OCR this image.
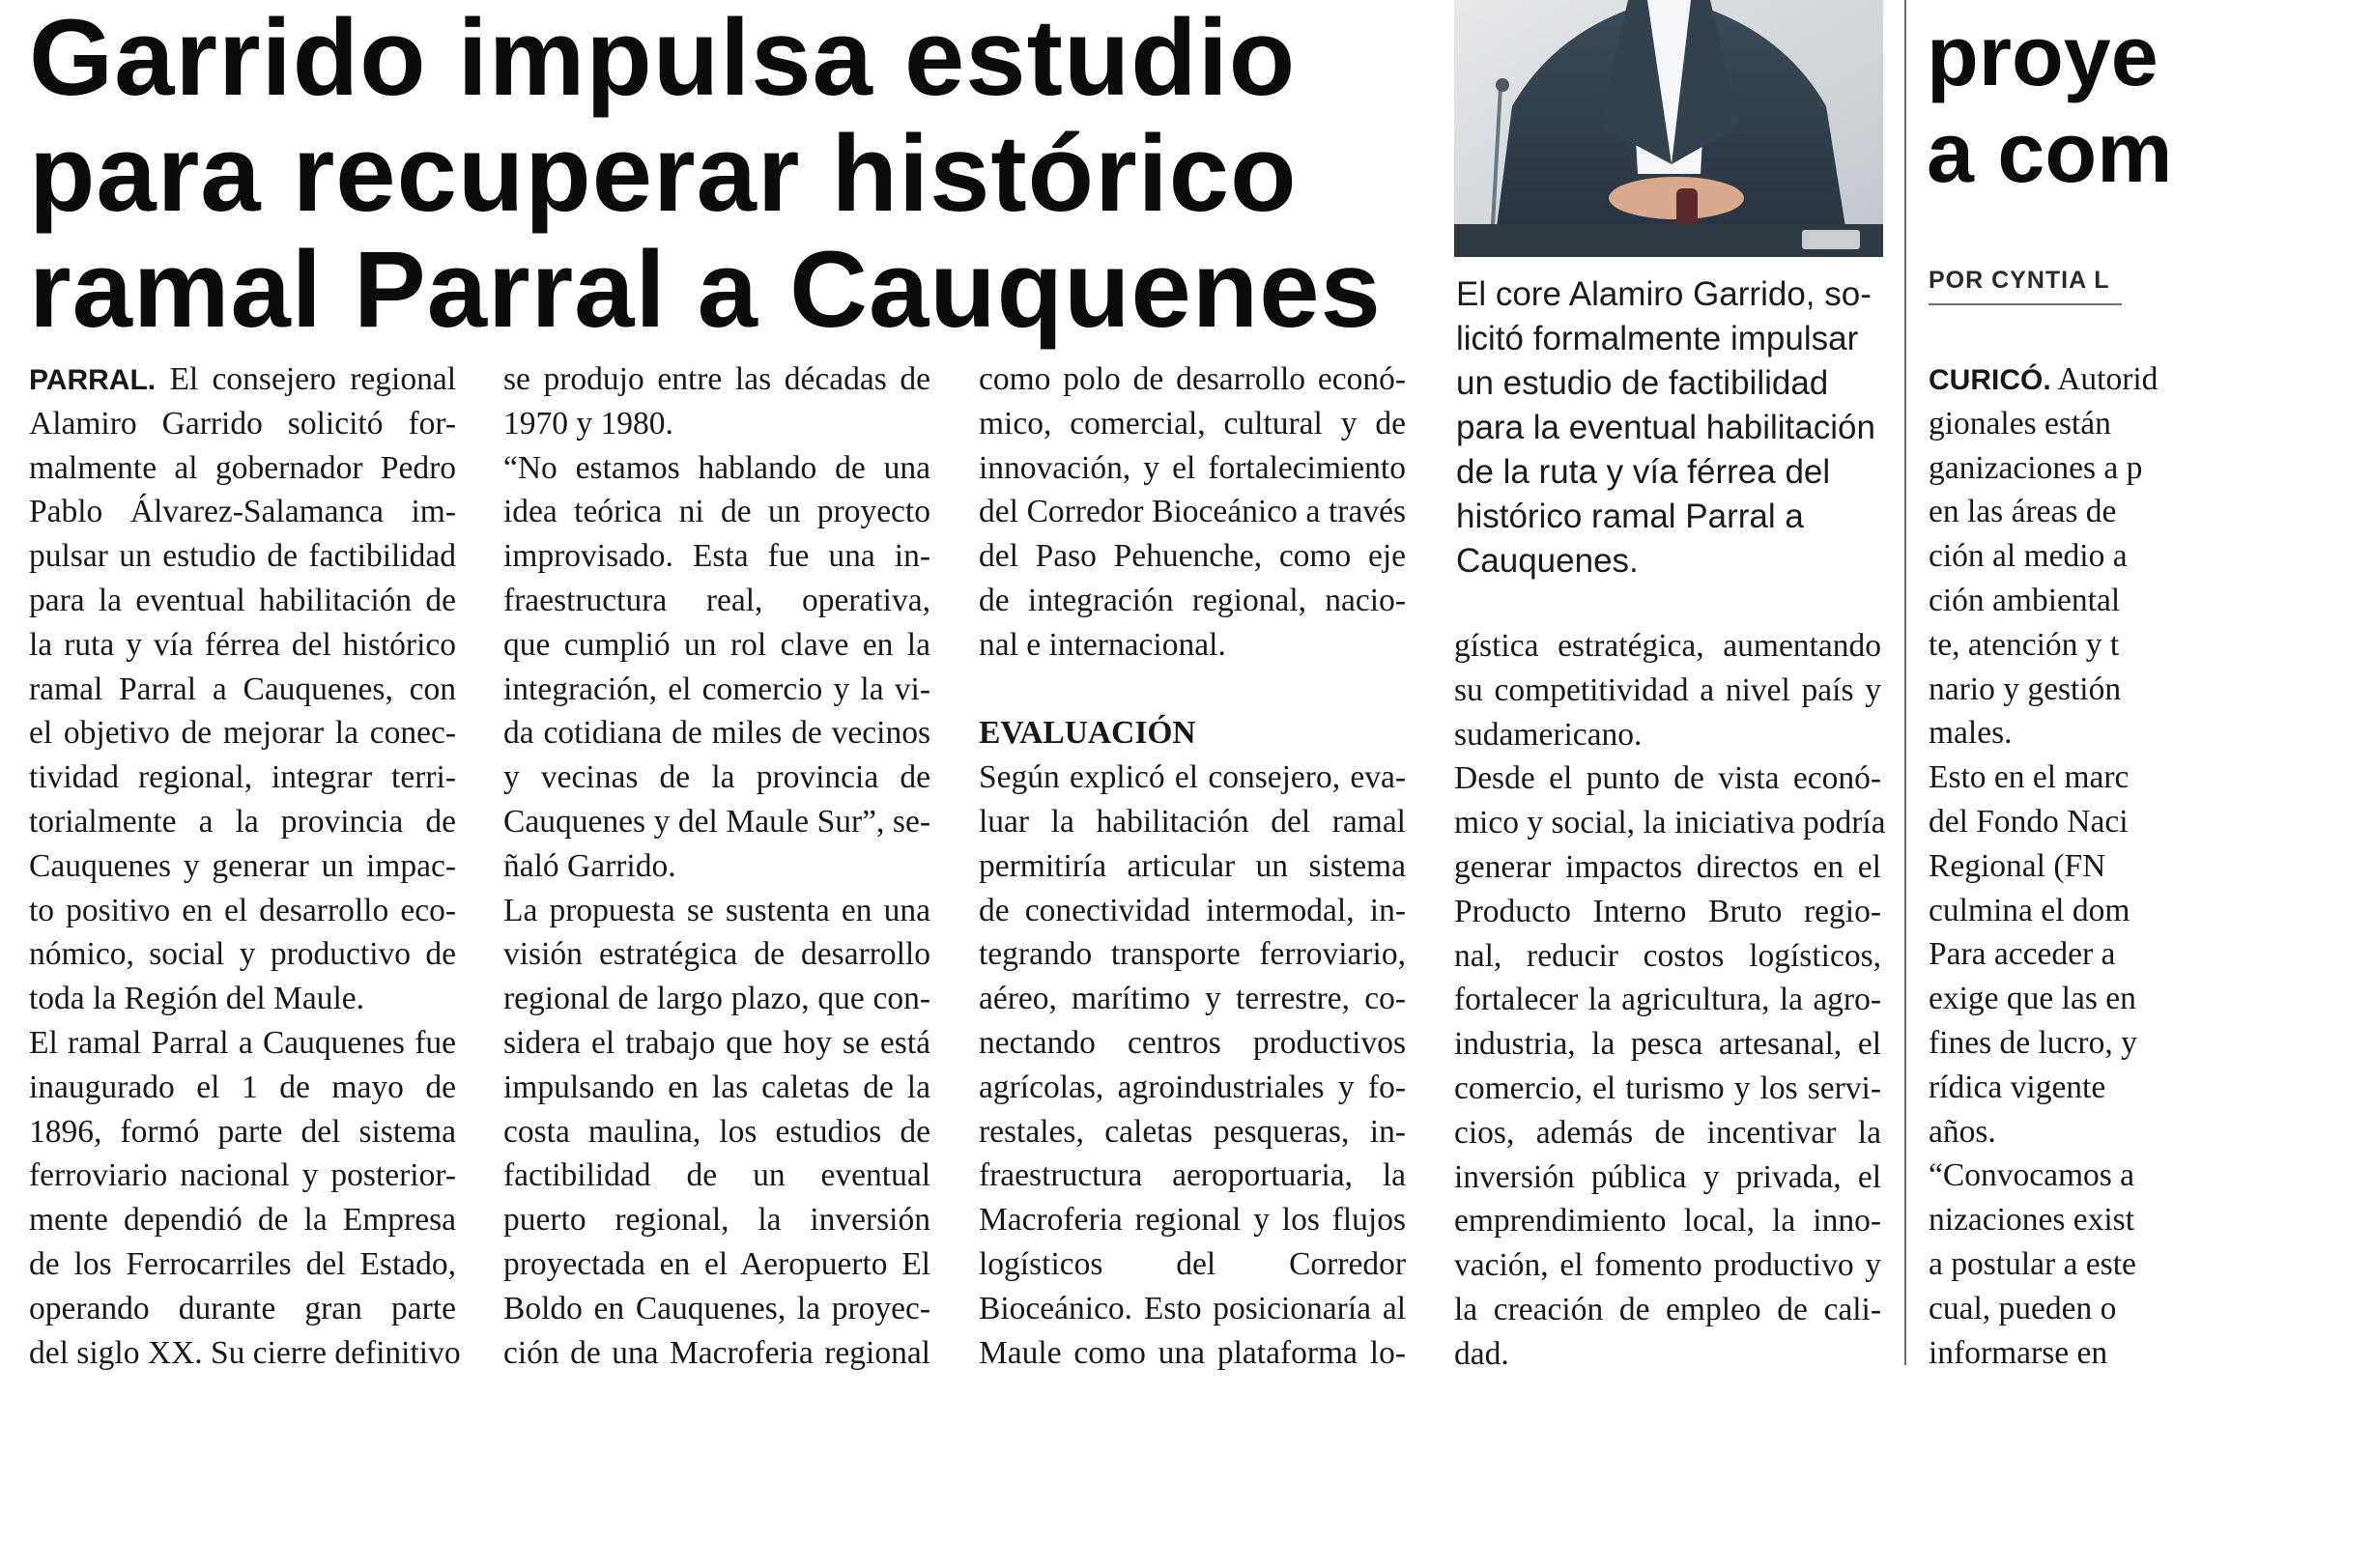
Garrido impulsa estudio
para recuperar histórico
ramal Parral a Cauquenes	El core Alamiro Garrido, so-
licitó formalmente impulsar
un estudio de factibilidad
para la eventual habilitación
de la ruta y vía férrea del
histórico ramal Parral a
Cauquenes.
PARRAL. El consejero regional
Alamiro Garrido solicitó for-
malmente al gobernador Pedro
Pablo Álvarez-Salamanca im-
pulsar un estudio de factibilidad
para la eventual habilitación de
la ruta y vía férrea del histórico
ramal Parral a Cauquenes, con
el objetivo de mejorar la conec-
tividad regional, integrar terri-
torialmente a la provincia de
Cauquenes y generar un impac-
to positivo en el desarrollo eco-
nómico, social y productivo de
toda la Región del Maule.
El ramal Parral a Cauquenes fue
inaugurado el 1 de mayo de
1896, formó parte del sistema
ferroviario nacional y posterior-
mente dependió de la Empresa
de los Ferrocarriles del Estado,
operando durante gran parte
del siglo XX. Su cierre definitivo
se produjo entre las décadas de
1970 y 1980.
“No estamos hablando de una
idea teórica ni de un proyecto
improvisado. Esta fue una in-
fraestructura real, operativa,
que cumplió un rol clave en la
integración, el comercio y la vi-
da cotidiana de miles de vecinos
y vecinas de la provincia de
Cauquenes y del Maule Sur”, se-
ñaló Garrido.
La propuesta se sustenta en una
visión estratégica de desarrollo
regional de largo plazo, que con-
sidera el trabajo que hoy se está
impulsando en las caletas de la
costa maulina, los estudios de
factibilidad de un eventual
puerto regional, la inversión
proyectada en el Aeropuerto El
Boldo en Cauquenes, la proyec-
ción de una Macroferia regional
como polo de desarrollo econó-
mico, comercial, cultural y de
innovación, y el fortalecimiento
del Corredor Bioceánico a través
del Paso Pehuenche, como eje
de integración regional, nacio-
nal e internacional.
EVALUACIÓN
Según explicó el consejero, eva-
luar la habilitación del ramal
permitiría articular un sistema
de conectividad intermodal, in-
tegrando transporte ferroviario,
aéreo, marítimo y terrestre, co-
nectando centros productivos
agrícolas, agroindustriales y fo-
restales, caletas pesqueras, in-
fraestructura aeroportuaria, la
Macroferia regional y los flujos
logísticos del Corredor
Bioceánico. Esto posicionaría al
Maule como una plataforma lo-
gística estratégica, aumentando
su competitividad a nivel país y
sudamericano.
Desde el punto de vista econó-
mico y social, la iniciativa podría
generar impactos directos en el
Producto Interno Bruto regio-
nal, reducir costos logísticos,
fortalecer la agricultura, la agro-
industria, la pesca artesanal, el
comercio, el turismo y los servi-
cios, además de incentivar la
inversión pública y privada, el
emprendimiento local, la inno-
vación, el fomento productivo y
la creación de empleo de cali-
dad.
proye
a com
POR CYNTIA L
CURICÓ. Autorid
gionales están
ganizaciones a p
en las áreas de
ción al medio a
ción ambiental
te, atención y t
nario y gestión
males.
Esto en el marc
del Fondo Naci
Regional (FN
culmina el dom
Para acceder a
exige que las en
fines de lucro, y
rídica vigente
años.
“Convocamos a
nizaciones exist
a postular a este
cual, pueden o
informarse en
